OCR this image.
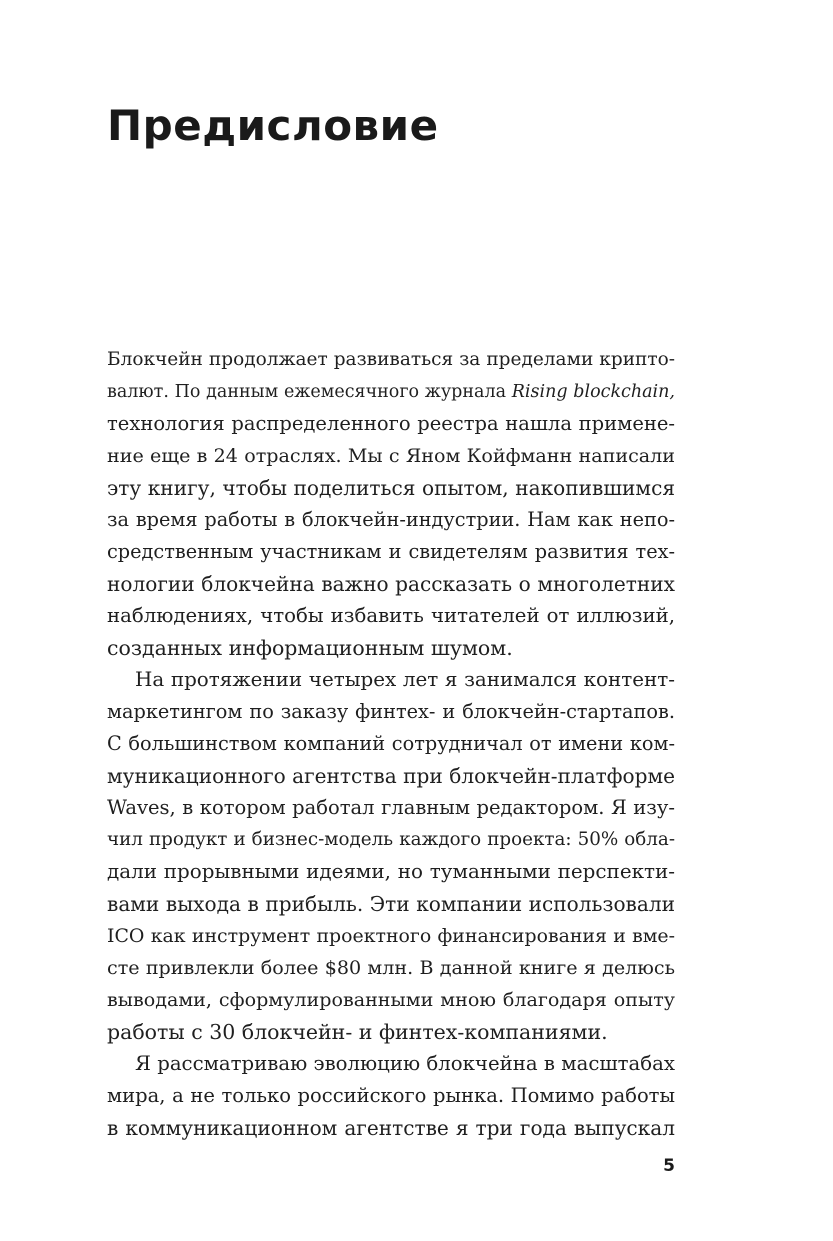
Предисловие
Блокчейн продолжает развиваться за пределами крипто-
валют. По данным ежемесячного журнала Rising blockchain,
технология распределенного реестра нашла примене-
ние еще в 24 отраслях. Мы с Яном Койфманн написали
эту книгу, чтобы поделиться опытом, накопившимся
за время работы в блокчейн-индустрии. Нам как непо-
средственным участникам и свидетелям развития тех-
нологии блокчейна важно рассказать о многолетних
наблюдениях, чтобы избавить читателей от иллюзий,
созданных информационным шумом.
На протяжении четырех лет я занимался контент-
маркетингом по заказу финтех- и блокчейн-стартапов.
С большинством компаний сотрудничал от имени ком-
муникационного агентства при блокчейн-платформе
Waves, в котором работал главным редактором. Я изу-
чил продукт и бизнес-модель каждого проекта: 50% обла-
дали прорывными идеями, но туманными перспекти-
вами выхода в прибыль. Эти компании использовали
ICO как инструмент проектного финансирования и вме-
сте привлекли более $80 млн. В данной книге я делюсь
выводами, сформулированными мною благодаря опыту
работы с 30 блокчейн- и финтех-компаниями.
Я рассматриваю эволюцию блокчейна в масштабах
мира, а не только российского рынка. Помимо работы
в коммуникационном агентстве я три года выпускал
5
